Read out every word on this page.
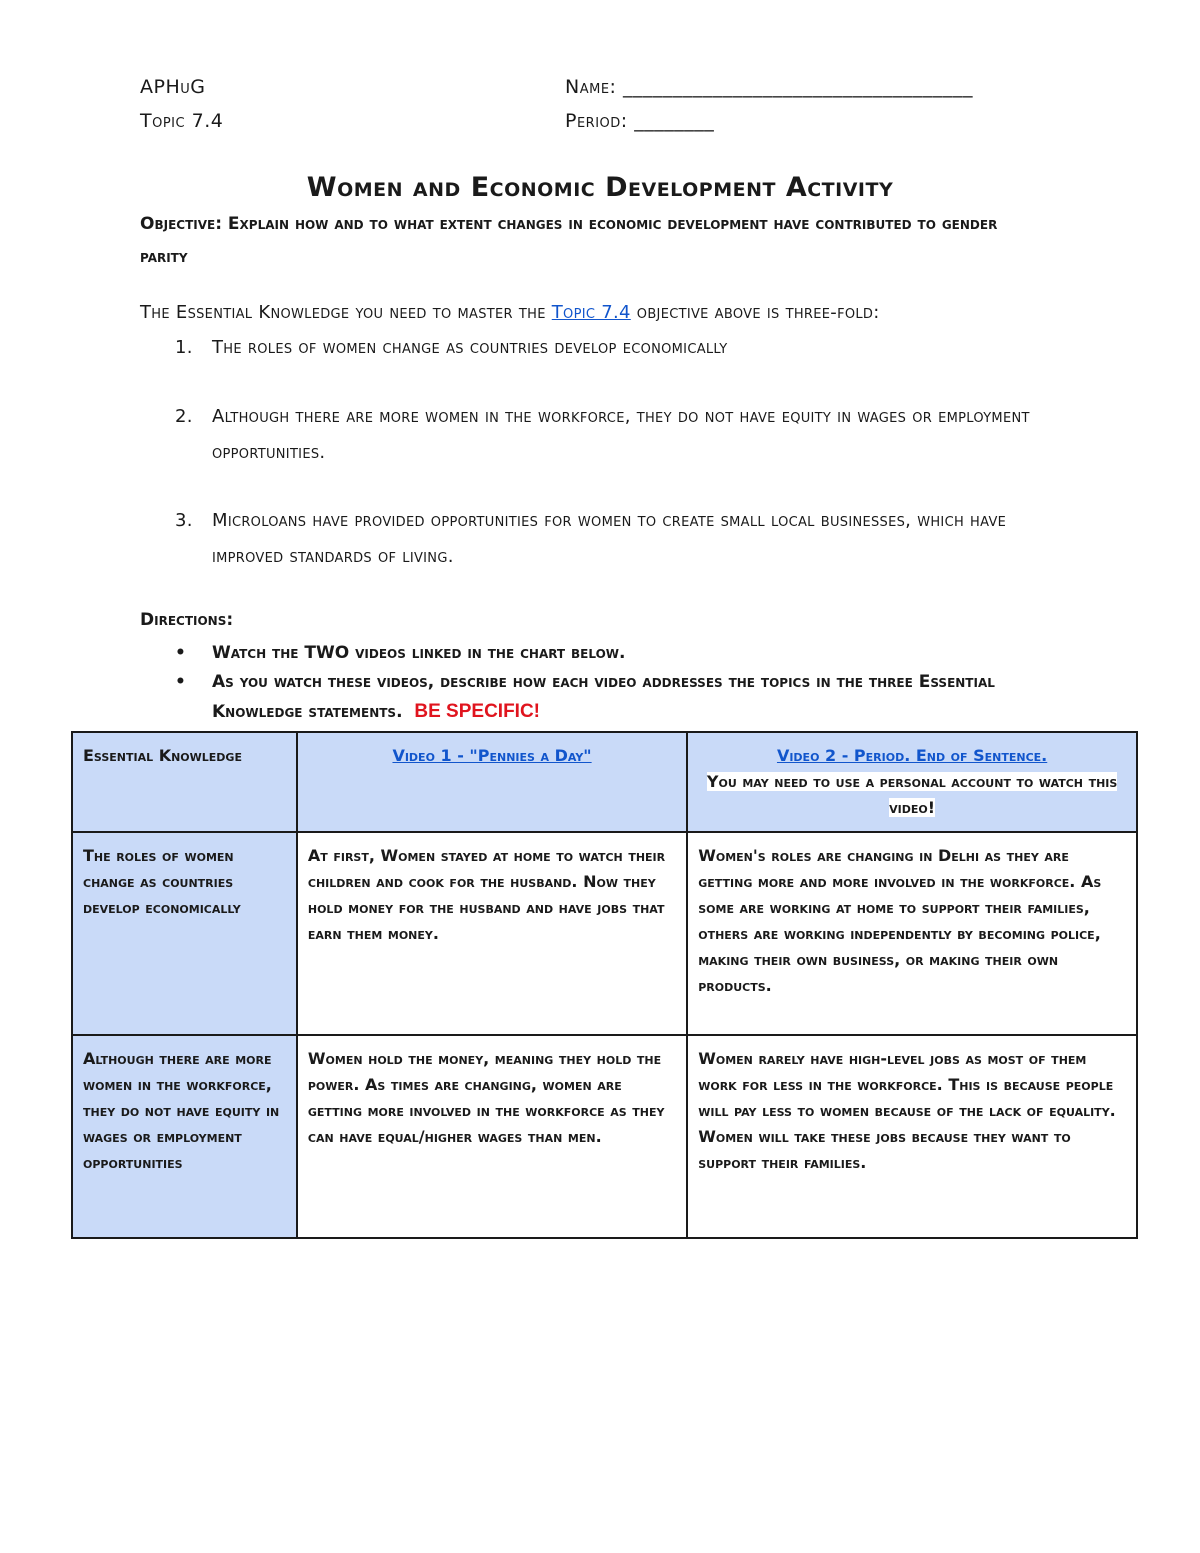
APHuG
Topic 7.4
Name: ___________________________________
Period: ________
Women and Economic Development Activity
Objective: Explain how and to what extent changes in economic development have contributed to gender parity
The Essential Knowledge you need to master the Topic 7.4 objective above is three-fold:
1. The roles of women change as countries develop economically
2. Although there are more women in the workforce, they do not have equity in wages or employment opportunities.
3. Microloans have provided opportunities for women to create small local businesses, which have improved standards of living.
Directions:
• Watch the TWO videos linked in the chart below.
• As you watch these videos, describe how each video addresses the topics in the three Essential Knowledge statements. BE SPECIFIC!
Essential Knowledge	Video 1 - "Pennies a Day"	Video 2 - Period. End of Sentence.
You may need to use a personal account to watch this video!

The roles of women change as countries develop economically	At first, Women stayed at home to watch their children and cook for the husband. Now they hold money for the husband and have jobs that earn them money.	Women's roles are changing in Delhi as they are getting more and more involved in the workforce. As some are working at home to support their families, others are working independently by becoming police, making their own business, or making their own products.
Although there are more women in the workforce, they do not have equity in wages or employment opportunities	Women hold the money, meaning they hold the power. As times are changing, women are getting more involved in the workforce as they can have equal/higher wages than men.	Women rarely have high-level jobs as most of them work for less in the workforce. This is because people will pay less to women because of the lack of equality. Women will take these jobs because they want to support their families.
